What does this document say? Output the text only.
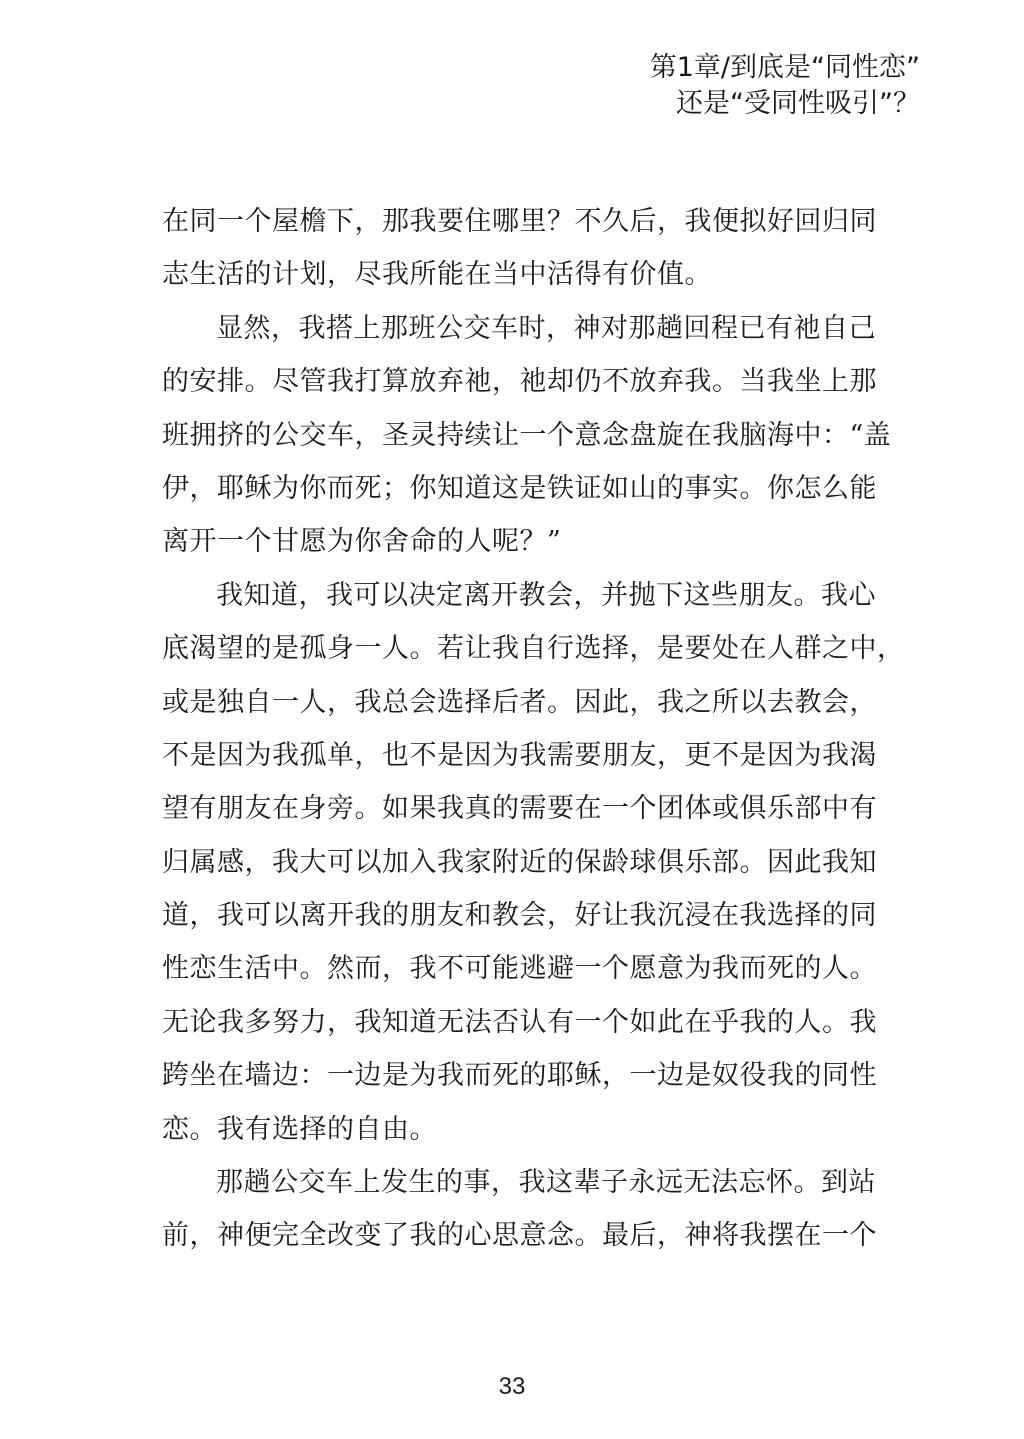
第1章/到底是“同性恋”
还是“受同性吸引”？
在同一个屋檐下，那我要住哪里？不久后，我便拟好回归同
志生活的计划，尽我所能在当中活得有价值。
显然，我搭上那班公交车时，神对那趟回程已有祂自己
的安排。尽管我打算放弃祂，祂却仍不放弃我。当我坐上那
班拥挤的公交车，圣灵持续让一个意念盘旋在我脑海中：“盖
伊，耶稣为你而死；你知道这是铁证如山的事实。你怎么能
离开一个甘愿为你舍命的人呢？”
我知道，我可以决定离开教会，并抛下这些朋友。我心
底渴望的是孤身一人。若让我自行选择，是要处在人群之中，
或是独自一人，我总会选择后者。因此，我之所以去教会，
不是因为我孤单，也不是因为我需要朋友，更不是因为我渴
望有朋友在身旁。如果我真的需要在一个团体或俱乐部中有
归属感，我大可以加入我家附近的保龄球俱乐部。因此我知
道，我可以离开我的朋友和教会，好让我沉浸在我选择的同
性恋生活中。然而，我不可能逃避一个愿意为我而死的人。
无论我多努力，我知道无法否认有一个如此在乎我的人。我
跨坐在墙边：一边是为我而死的耶稣，一边是奴役我的同性
恋。我有选择的自由。
那趟公交车上发生的事，我这辈子永远无法忘怀。到站
前，神便完全改变了我的心思意念。最后，神将我摆在一个
33
